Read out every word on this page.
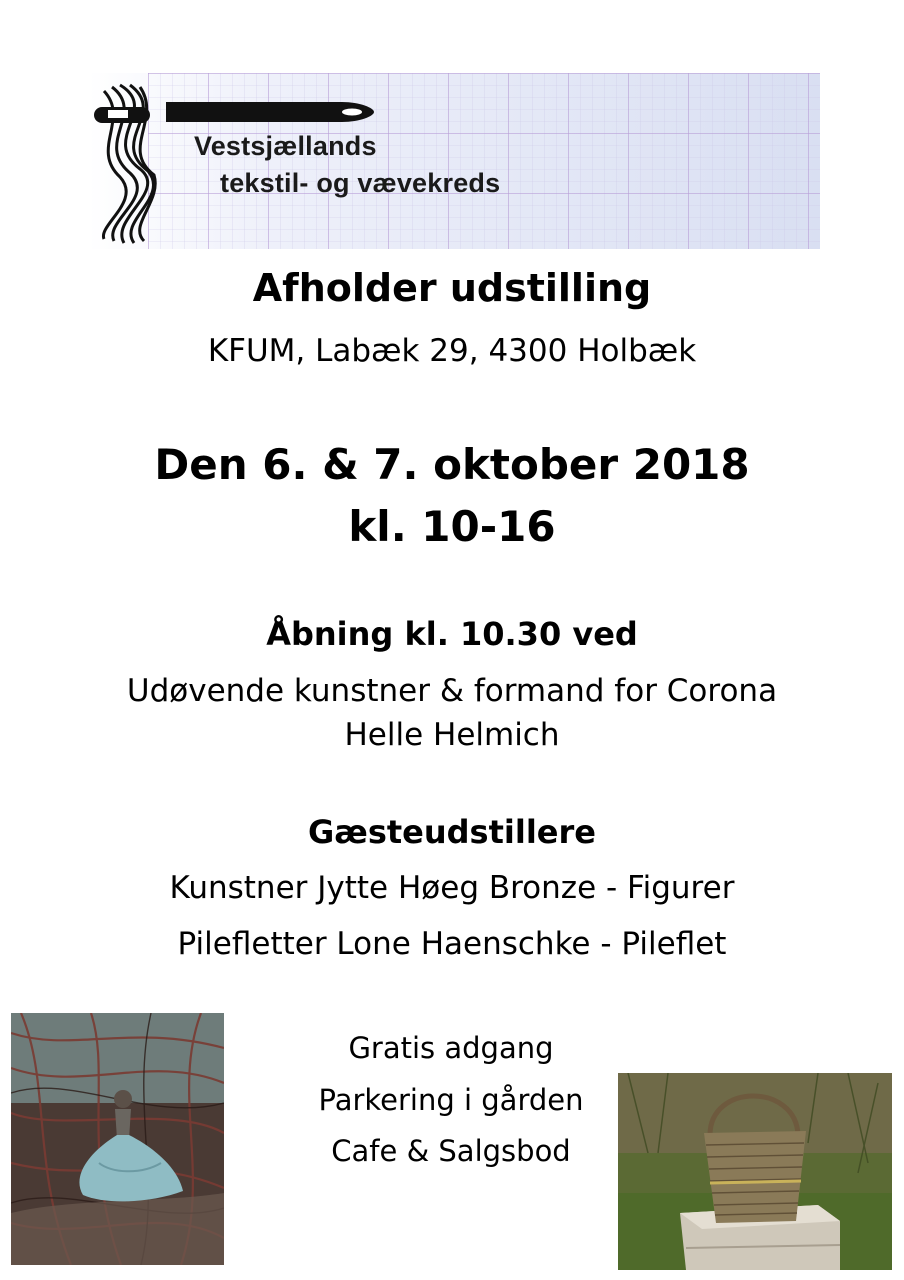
Vestsjællands
tekstil- og vævekreds
Afholder udstilling
KFUM, Labæk 29, 4300 Holbæk
Den 6. & 7. oktober 2018
kl. 10-16
Åbning kl. 10.30 ved
Udøvende kunstner & formand for Corona
Helle Helmich
Gæsteudstillere
Kunstner Jytte Høeg Bronze - Figurer
Pilefletter Lone Haenschke - Pileflet
Gratis adgang
Parkering i gården
Cafe & Salgsbod
